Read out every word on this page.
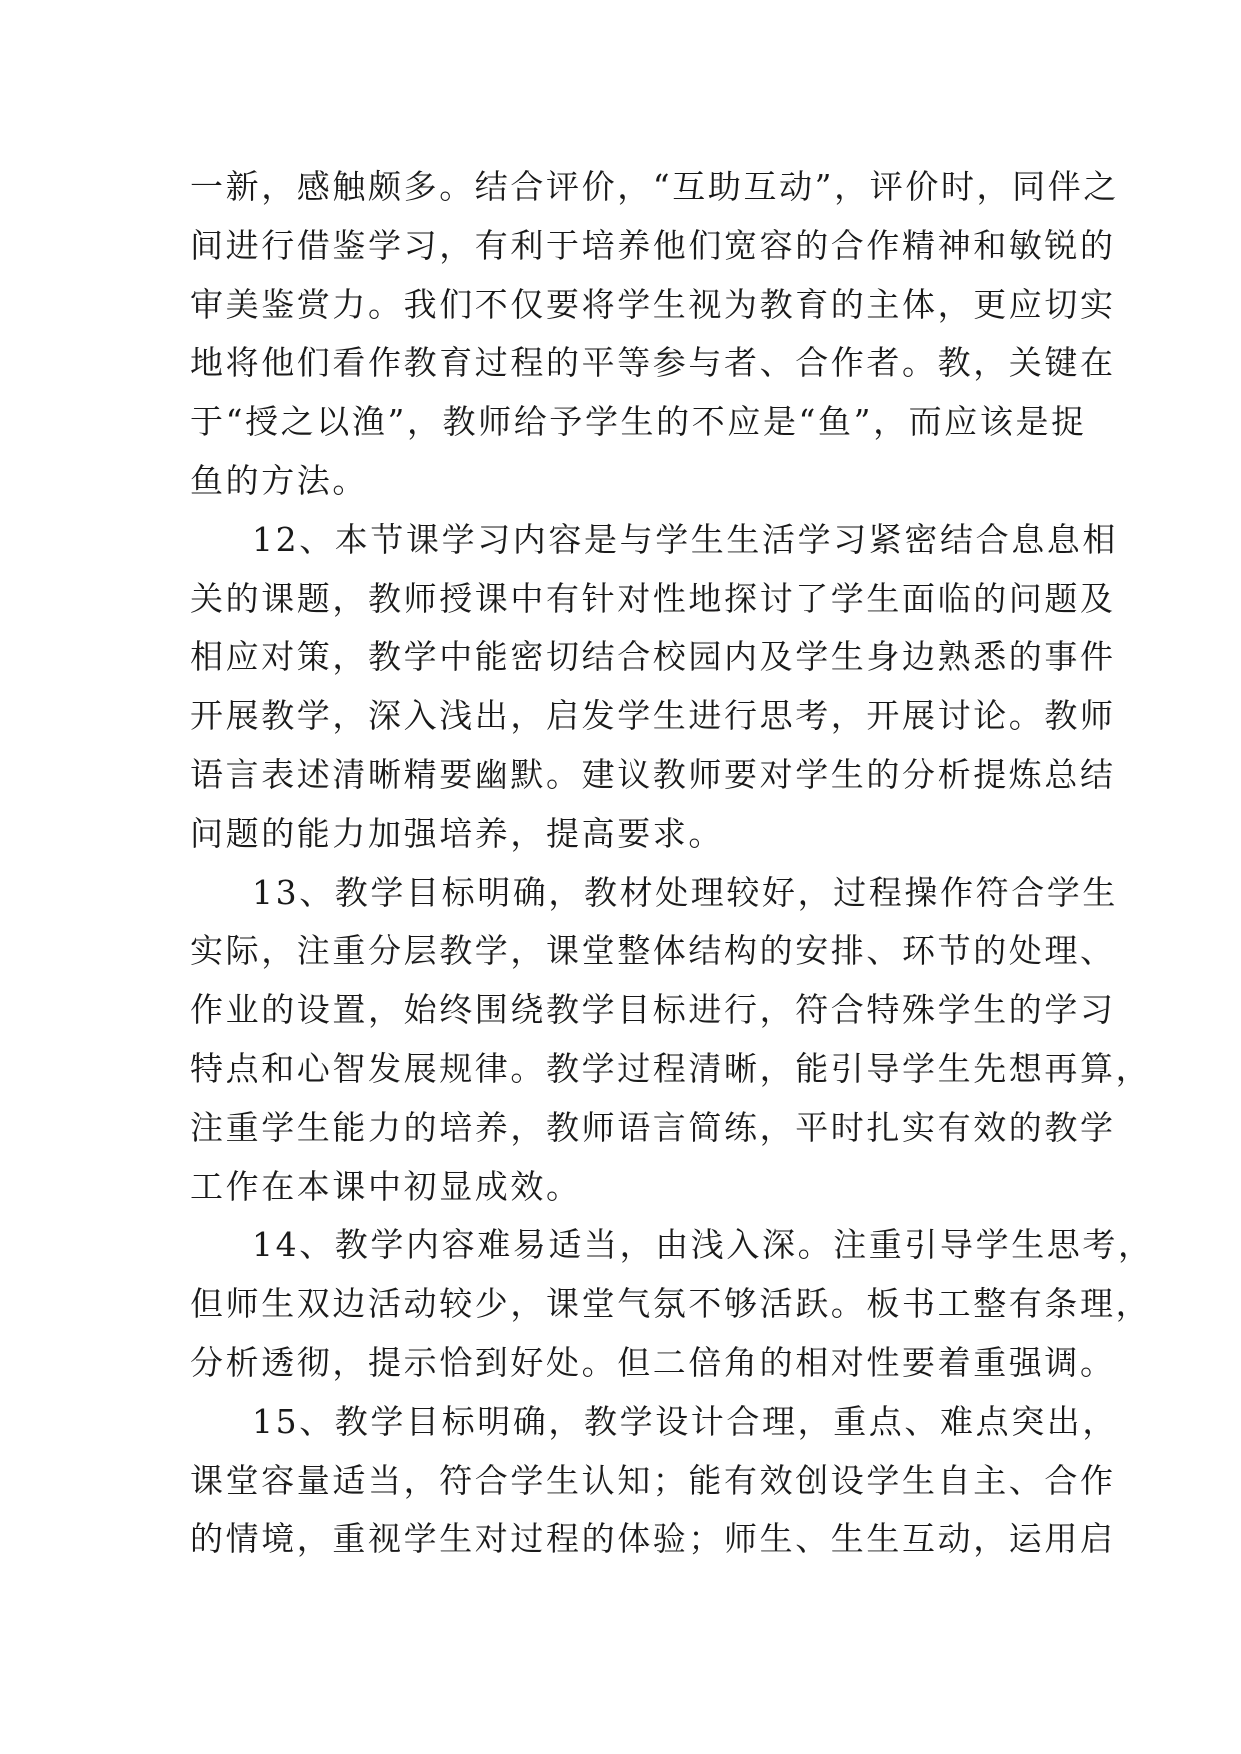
一新，感触颇多。结合评价，“互助互动”，评价时，同伴之
间进行借鉴学习，有利于培养他们宽容的合作精神和敏锐的
审美鉴赏力。我们不仅要将学生视为教育的主体，更应切实
地将他们看作教育过程的平等参与者、合作者。教，关键在
于“授之以渔”，教师给予学生的不应是“鱼”，而应该是捉
鱼的方法。
12、本节课学习内容是与学生生活学习紧密结合息息相
关的课题，教师授课中有针对性地探讨了学生面临的问题及
相应对策，教学中能密切结合校园内及学生身边熟悉的事件
开展教学，深入浅出，启发学生进行思考，开展讨论。教师
语言表述清晰精要幽默。建议教师要对学生的分析提炼总结
问题的能力加强培养，提高要求。
13、教学目标明确，教材处理较好，过程操作符合学生
实际，注重分层教学，课堂整体结构的安排、环节的处理、
作业的设置，始终围绕教学目标进行，符合特殊学生的学习
特点和心智发展规律。教学过程清晰，能引导学生先想再算，
注重学生能力的培养，教师语言简练，平时扎实有效的教学
工作在本课中初显成效。
14、教学内容难易适当，由浅入深。注重引导学生思考，
但师生双边活动较少，课堂气氛不够活跃。板书工整有条理，
分析透彻，提示恰到好处。但二倍角的相对性要着重强调。
15、教学目标明确，教学设计合理，重点、难点突出，
课堂容量适当，符合学生认知；能有效创设学生自主、合作
的情境，重视学生对过程的体验；师生、生生互动，运用启
